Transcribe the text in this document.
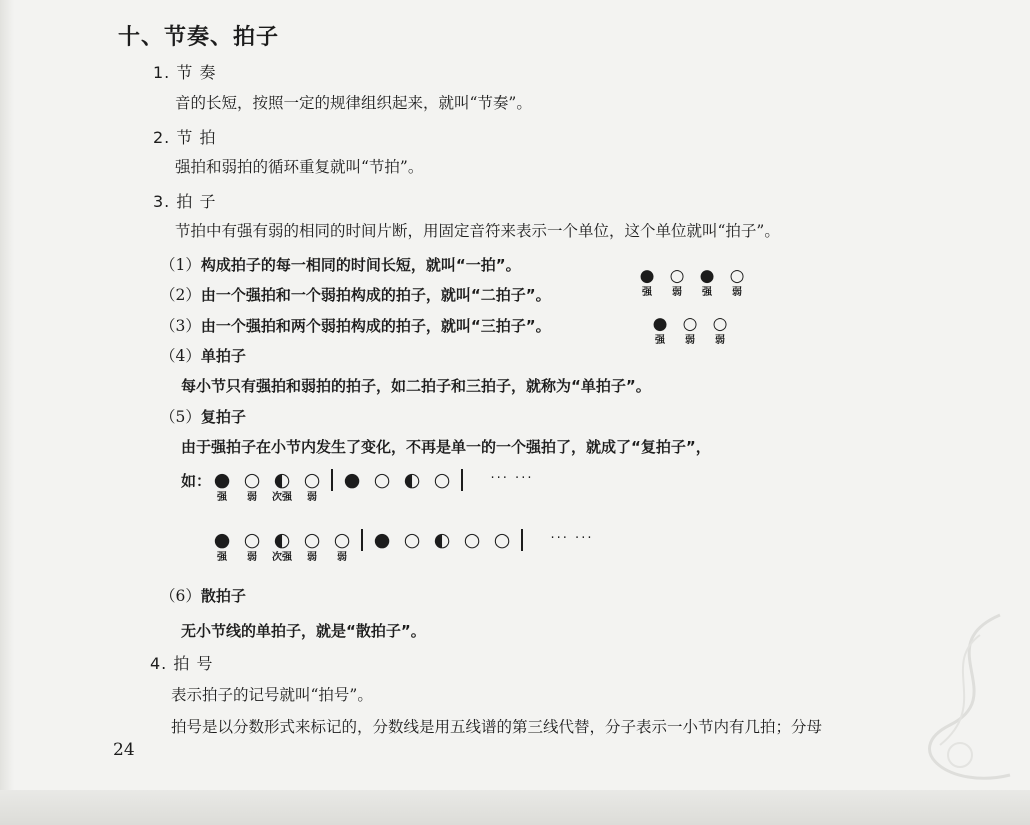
十、节奏、拍子
1. 节 奏
音的长短，按照一定的规律组织起来，就叫“节奏”。
2. 节 拍
强拍和弱拍的循环重复就叫“节拍”。
3. 拍 子
节拍中有强有弱的相同的时间片断，用固定音符来表示一个单位，这个单位就叫“拍子”。
（1）构成拍子的每一相同的时间长短，就叫“一拍”。
●
强
○
弱
●
强
○
弱
（2）由一个强拍和一个弱拍构成的拍子，就叫“二拍子”。
（3）由一个强拍和两个弱拍构成的拍子，就叫“三拍子”。	●
强
○
弱
○
弱
（4）单拍子
每小节只有强拍和弱拍的拍子，如二拍子和三拍子，就称为“单拍子”。
（5）复拍子
由于强拍子在小节内发生了变化，不再是单一的一个强拍了，就成了“复拍子”，
如： ●
强
○
弱
◐
次强
○
弱
● ○ ◐ ○	··· ···
●
强
○
弱
◐
次强
○
弱
○
弱
● ○ ◐ ○ ○	··· ···
（6）散拍子
无小节线的单拍子，就是“散拍子”。
4. 拍 号
表示拍子的记号就叫“拍号”。
拍号是以分数形式来标记的，分数线是用五线谱的第三线代替，分子表示一小节内有几拍；分母
24
